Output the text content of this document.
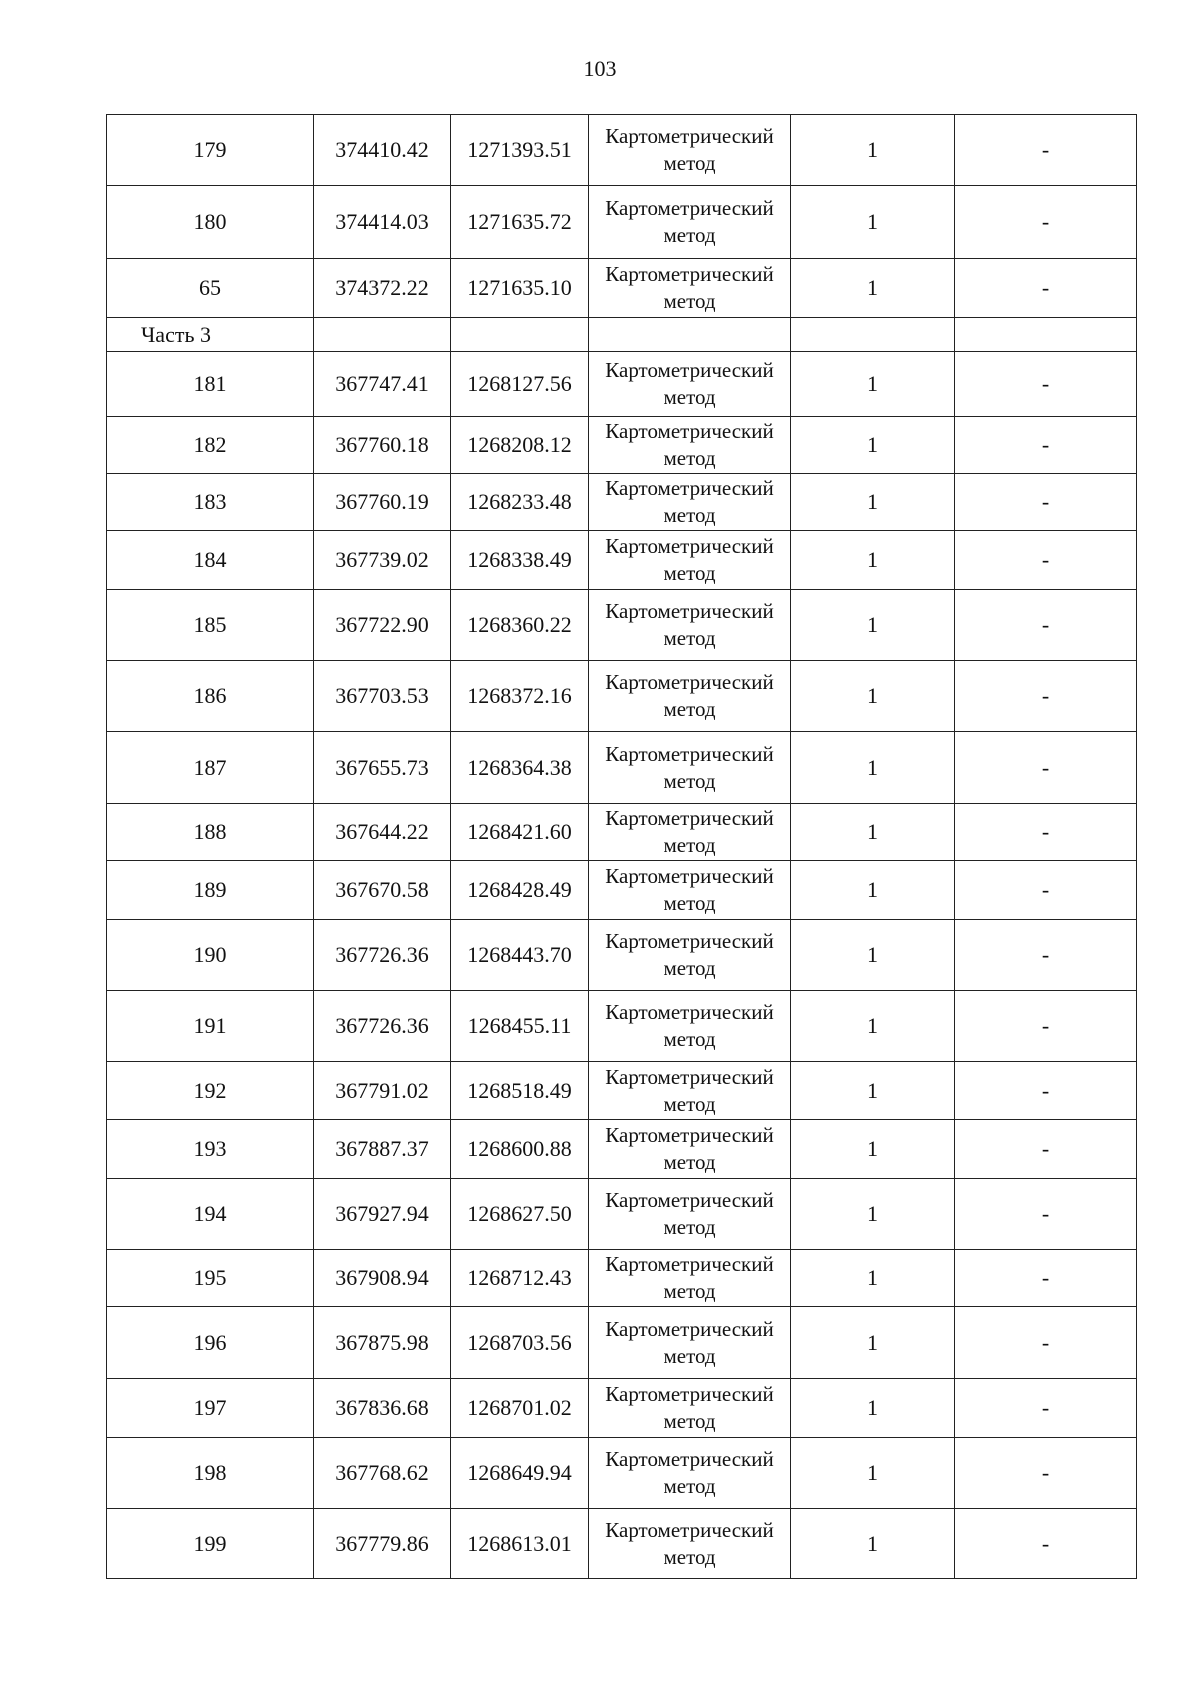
103
179	374410.42	1271393.51	Картометрический метод	1	-
180	374414.03	1271635.72	Картометрический метод	1	-
65	374372.22	1271635.10	Картометрический метод	1	-
Часть 3					
181	367747.41	1268127.56	Картометрический метод	1	-
182	367760.18	1268208.12	Картометрический метод	1	-
183	367760.19	1268233.48	Картометрический метод	1	-
184	367739.02	1268338.49	Картометрический метод	1	-
185	367722.90	1268360.22	Картометрический метод	1	-
186	367703.53	1268372.16	Картометрический метод	1	-
187	367655.73	1268364.38	Картометрический метод	1	-
188	367644.22	1268421.60	Картометрический метод	1	-
189	367670.58	1268428.49	Картометрический метод	1	-
190	367726.36	1268443.70	Картометрический метод	1	-
191	367726.36	1268455.11	Картометрический метод	1	-
192	367791.02	1268518.49	Картометрический метод	1	-
193	367887.37	1268600.88	Картометрический метод	1	-
194	367927.94	1268627.50	Картометрический метод	1	-
195	367908.94	1268712.43	Картометрический метод	1	-
196	367875.98	1268703.56	Картометрический метод	1	-
197	367836.68	1268701.02	Картометрический метод	1	-
198	367768.62	1268649.94	Картометрический метод	1	-
199	367779.86	1268613.01	Картометрический метод	1	-
